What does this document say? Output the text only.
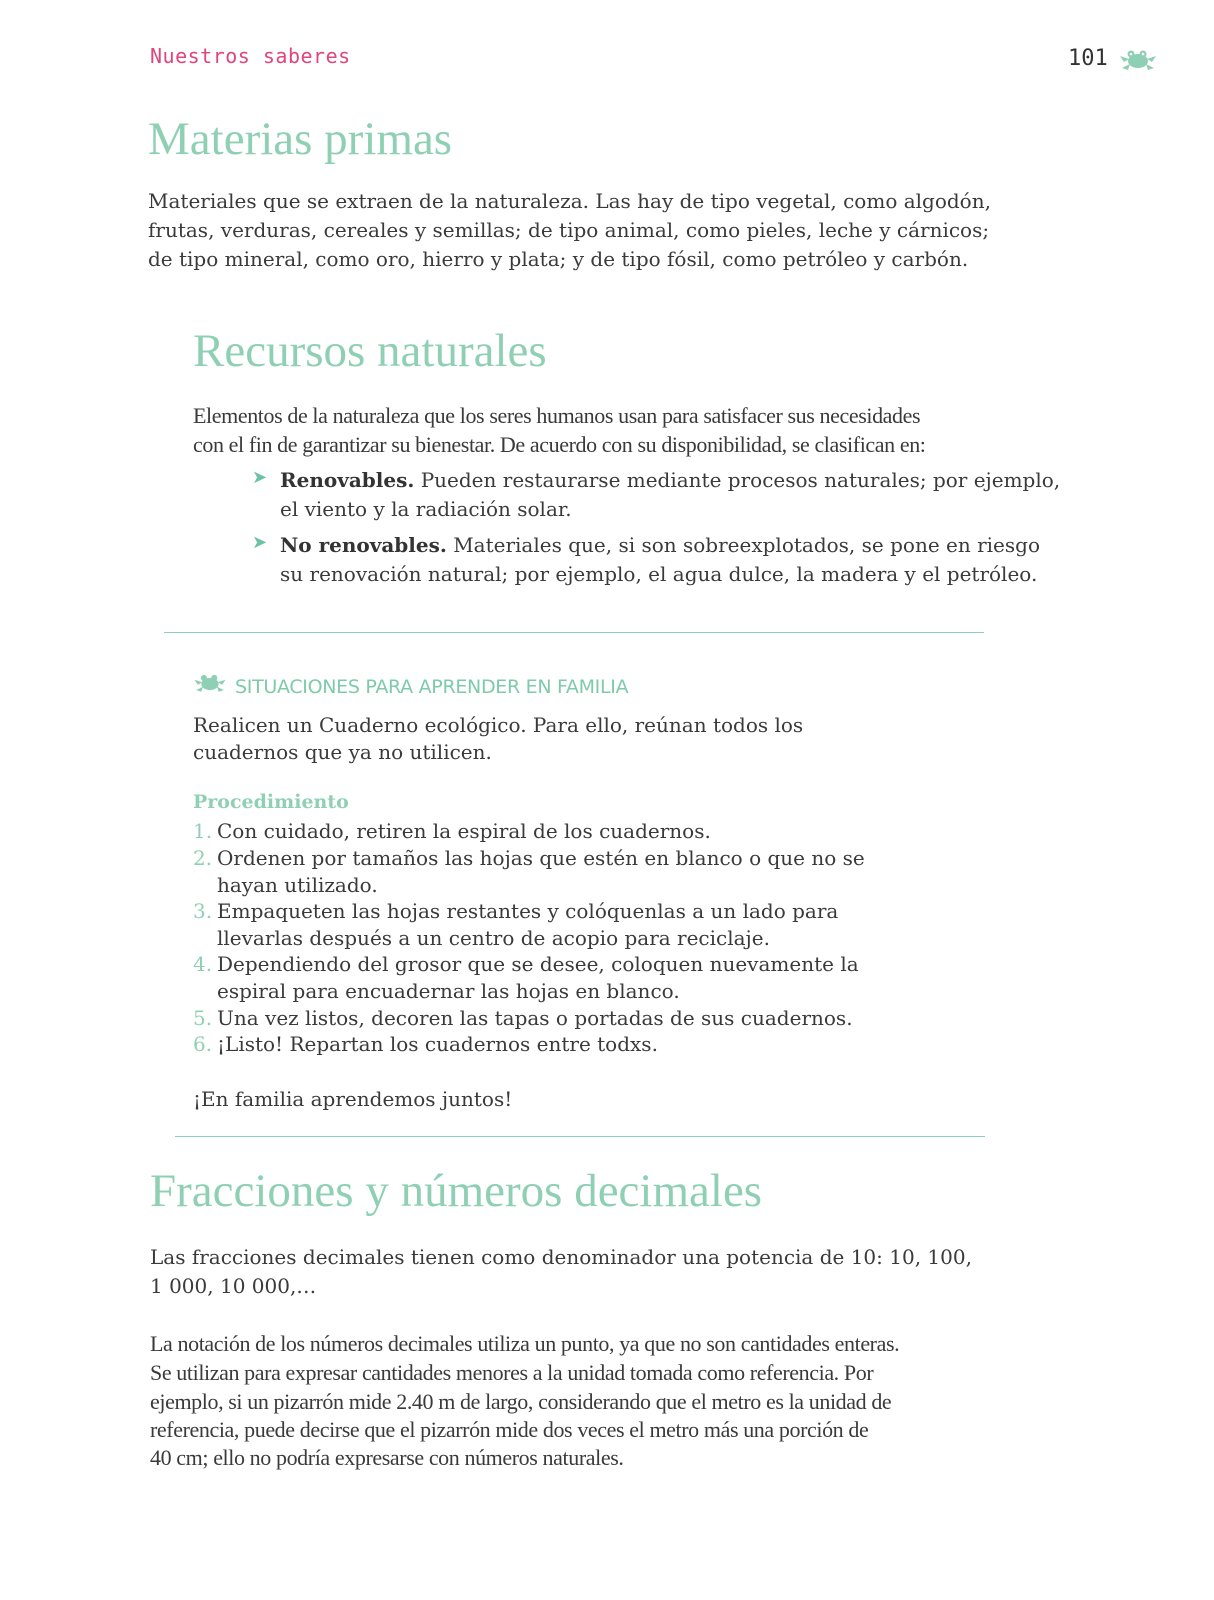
Nuestros saberes	101
Materias primas

Materiales que se extraen de la naturaleza. Las hay de tipo vegetal, como algodón,

frutas, verduras, cereales y semillas; de tipo animal, como pieles, leche y cárnicos;

de tipo mineral, como oro, hierro y plata; y de tipo fósil, como petróleo y carbón.

Recursos naturales

Elementos de la naturaleza que los seres humanos usan para satisfacer sus necesidades

con el fin de garantizar su bienestar. De acuerdo con su disponibilidad, se clasifican en:

➤ Renovables. Pueden restaurarse mediante procesos naturales; por ejemplo,
el viento y la radiación solar.
➤ No renovables. Materiales que, si son sobreexplotados, se pone en riesgo
su renovación natural; por ejemplo, el agua dulce, la madera y el petróleo.
SITUACIONES PARA APRENDER EN FAMILIA

Realicen un Cuaderno ecológico. Para ello, reúnan todos los

cuadernos que ya no utilicen.

Procedimiento
1. Con cuidado, retiren la espiral de los cuadernos.
2. Ordenen por tamaños las hojas que estén en blanco o que no se
hayan utilizado.
3. Empaqueten las hojas restantes y colóquenlas a un lado para
llevarlas después a un centro de acopio para reciclaje.
4. Dependiendo del grosor que se desee, coloquen nuevamente la
espiral para encuadernar las hojas en blanco.
5. Una vez listos, decoren las tapas o portadas de sus cuadernos.
6. ¡Listo! Repartan los cuadernos entre todxs.

¡En familia aprendemos juntos!

Fracciones y números decimales

Las fracciones decimales tienen como denominador una potencia de 10: 10, 100,

1 000, 10 000,…

La notación de los números decimales utiliza un punto, ya que no son cantidades enteras.

Se utilizan para expresar cantidades menores a la unidad tomada como referencia. Por

ejemplo, si un pizarrón mide 2.40 m de largo, considerando que el metro es la unidad de

referencia, puede decirse que el pizarrón mide dos veces el metro más una porción de

40 cm; ello no podría expresarse con números naturales.
